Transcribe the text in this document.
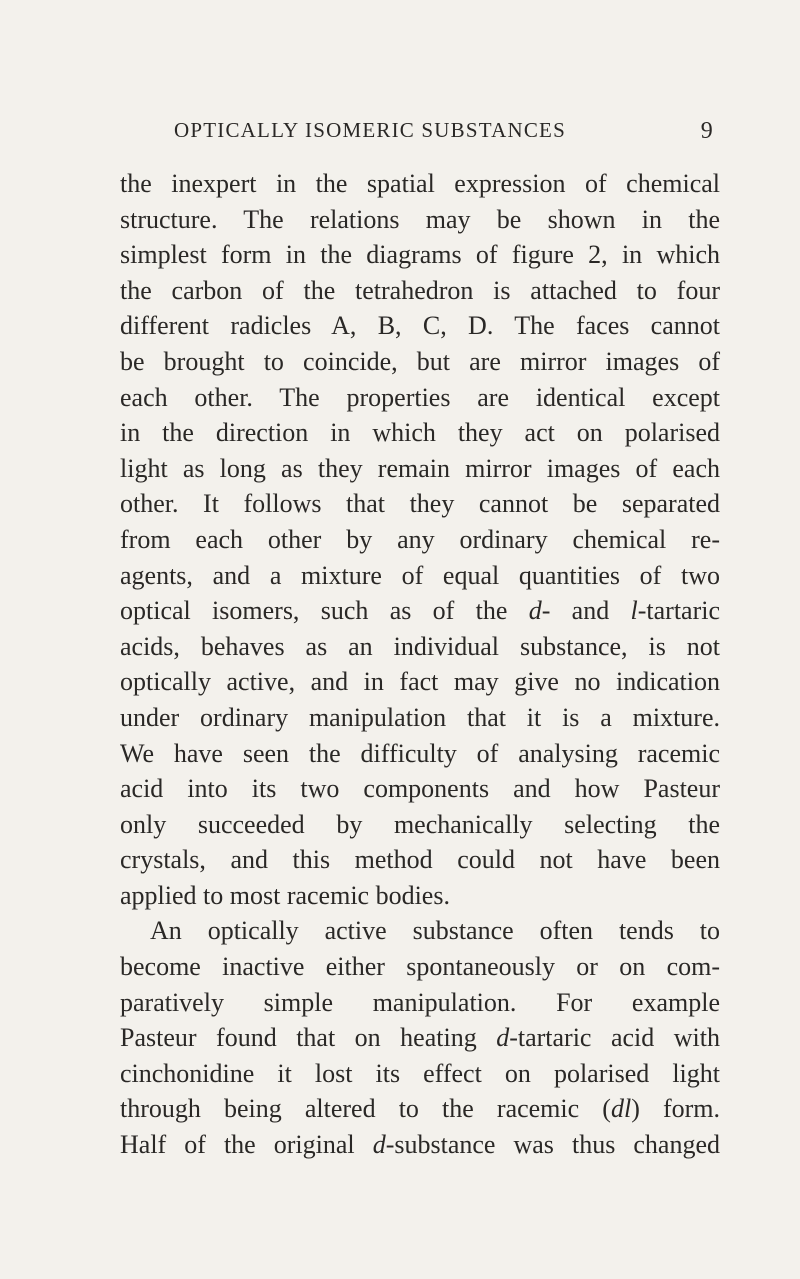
OPTICALLY ISOMERIC SUBSTANCES	9
the inexpert in the spatial expression of chemical
structure. The relations may be shown in the
simplest form in the diagrams of figure 2, in which
the carbon of the tetrahedron is attached to four
different radicles A, B, C, D. The faces cannot
be brought to coincide, but are mirror images of
each other. The properties are identical except
in the direction in which they act on polarised
light as long as they remain mirror images of each
other. It follows that they cannot be separated
from each other by any ordinary chemical re-
agents, and a mixture of equal quantities of two
optical isomers, such as of the d- and l-tartaric
acids, behaves as an individual substance, is not
optically active, and in fact may give no indication
under ordinary manipulation that it is a mixture.
We have seen the difficulty of analysing racemic
acid into its two components and how Pasteur
only succeeded by mechanically selecting the
crystals, and this method could not have been
applied to most racemic bodies.
An optically active substance often tends to
become inactive either spontaneously or on com-
paratively simple manipulation. For example
Pasteur found that on heating d-tartaric acid with
cinchonidine it lost its effect on polarised light
through being altered to the racemic (dl) form.
Half of the original d-substance was thus changed
